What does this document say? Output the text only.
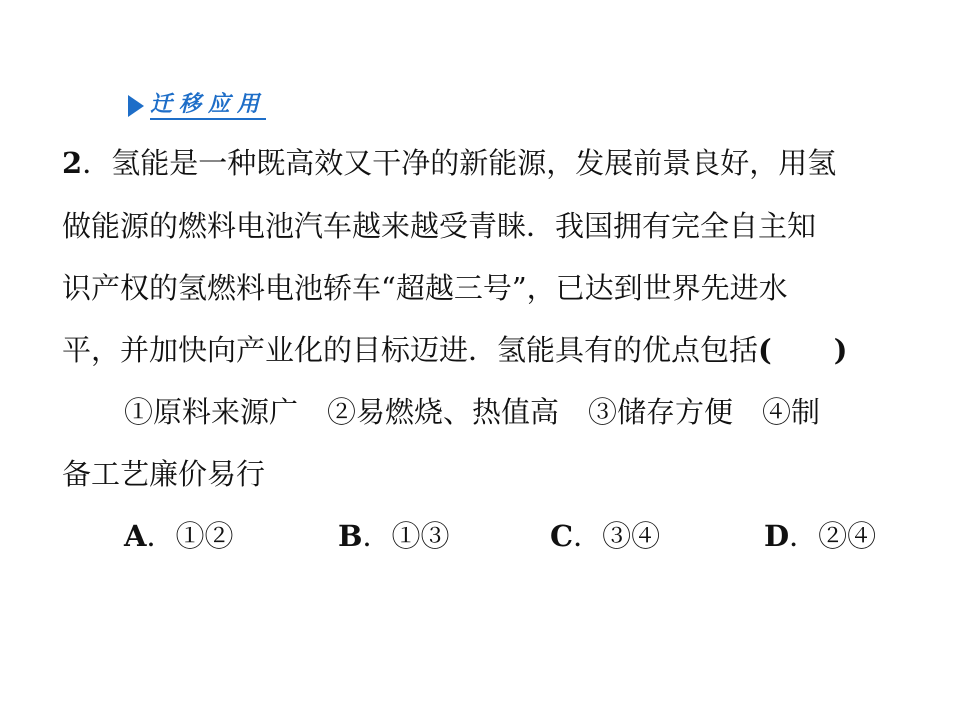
迁移应用
2．氢能是一种既高效又干净的新能源，发展前景良好，用氢
做能源的燃料电池汽车越来越受青睐．我国拥有完全自主知
识产权的氢燃料电池轿车“超越三号”，已达到世界先进水
平，并加快向产业化的目标迈进．氢能具有的优点包括( )
①原料来源广　②易燃烧、热值高　③储存方便　④制
备工艺廉价易行
A．①②	B．①③	C．③④	D．②④
